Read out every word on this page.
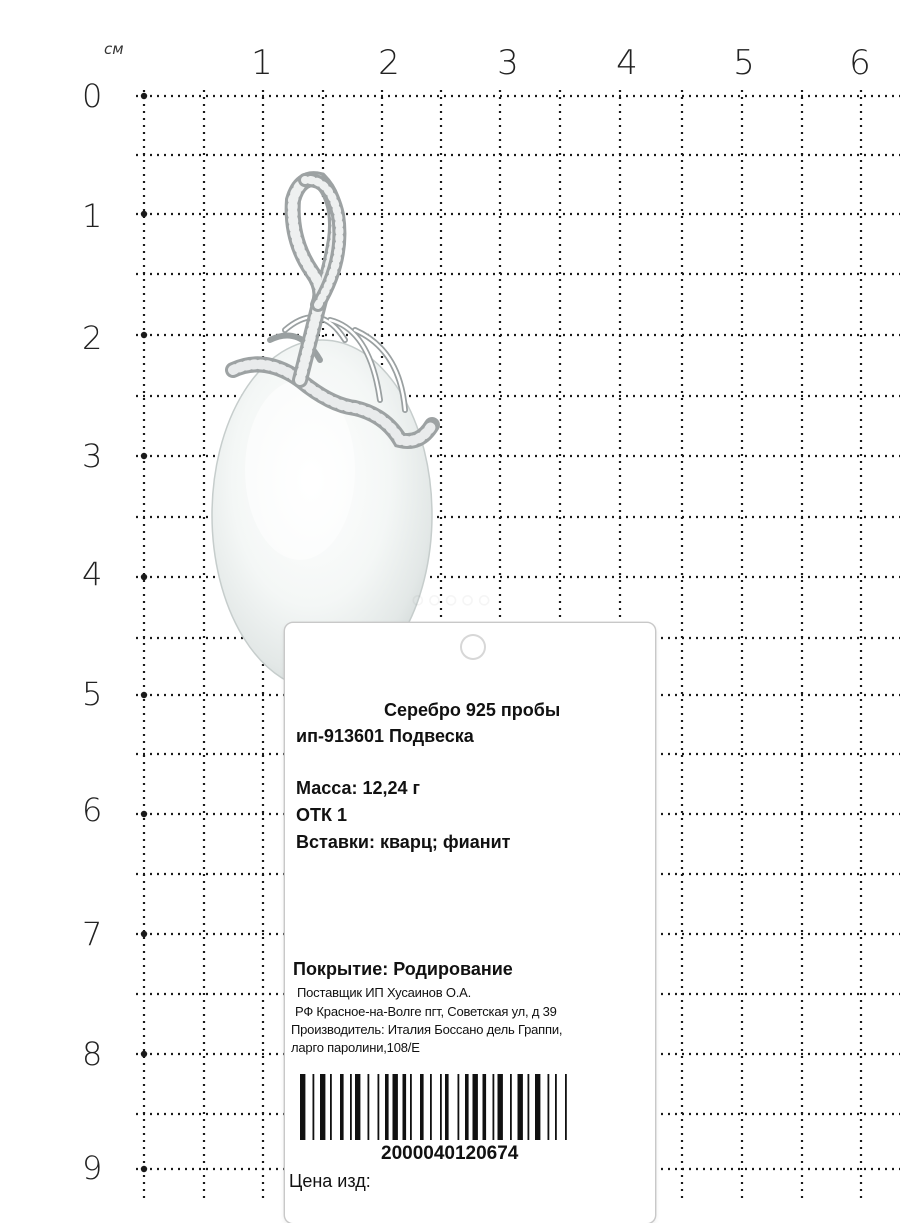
см	1	2	3	4	5	6
0
1
2
3
4
5
6
7
8
9
Серебро 925 пробы
ип-913601 Подвеска
Масса: 12,24 г
ОТК 1
Вставки: кварц; фианит
Покрытие: Родирование
Поставщик ИП Хусаинов О.А.
РФ Красное-на-Волге пгт, Советская ул, д 39
Производитель: Италия Боссано дель Граппи,
ларго паролини,108/Е
2000040120674
Цена изд:
